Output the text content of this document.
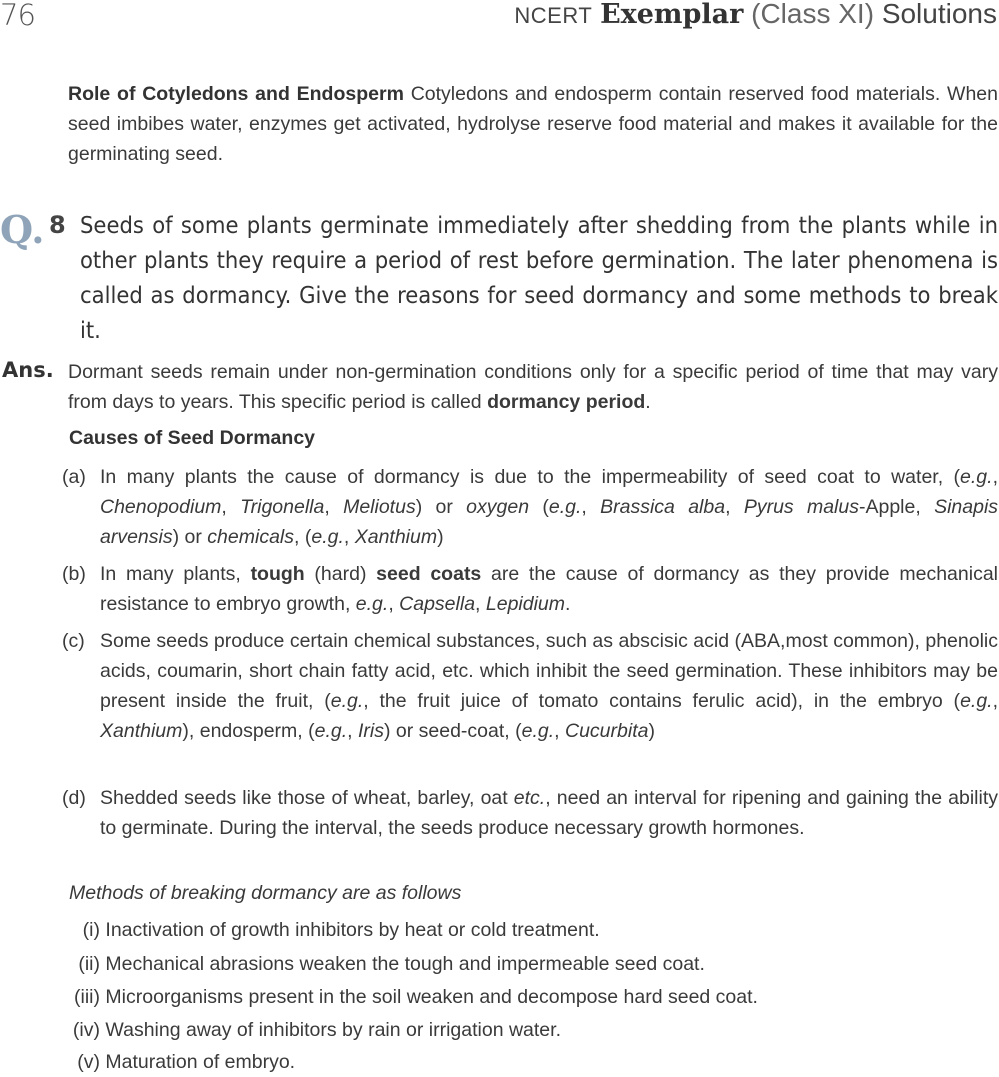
76	NCERT Exemplar (Class XI) Solutions

Role of Cotyledons and Endosperm Cotyledons and endosperm contain reserved food materials. When seed imbibes water, enzymes get activated, hydrolyse reserve food material and makes it available for the germinating seed.

Q. 8 Seeds of some plants germinate immediately after shedding from the plants while in other plants they require a period of rest before germination. The later phenomena is called as dormancy. Give the reasons for seed dormancy and some methods to break it.
Ans. Dormant seeds remain under non-germination conditions only for a specific period of time that may vary from days to years. This specific period is called dormancy period.

Causes of Seed Dormancy
(a) In many plants the cause of dormancy is due to the impermeability of seed coat to water, (e.g., Chenopodium, Trigonella, Meliotus) or oxygen (e.g., Brassica alba, Pyrus malus-Apple, Sinapis arvensis) or chemicals, (e.g., Xanthium)
(b) In many plants, tough (hard) seed coats are the cause of dormancy as they provide mechanical resistance to embryo growth, e.g., Capsella, Lepidium.
(c) Some seeds produce certain chemical substances, such as abscisic acid (ABA,most common), phenolic acids, coumarin, short chain fatty acid, etc. which inhibit the seed germination. These inhibitors may be present inside the fruit, (e.g., the fruit juice of tomato contains ferulic acid), in the embryo (e.g., Xanthium), endosperm, (e.g., Iris) or seed-coat, (e.g., Cucurbita)
(d) Shedded seeds like those of wheat, barley, oat etc., need an interval for ripening and gaining the ability to germinate. During the interval, the seeds produce necessary growth hormones.
Methods of breaking dormancy are as follows
(i) Inactivation of growth inhibitors by heat or cold treatment.
(ii) Mechanical abrasions weaken the tough and impermeable seed coat.
(iii) Microorganisms present in the soil weaken and decompose hard seed coat.
(iv) Washing away of inhibitors by rain or irrigation water.
(v) Maturation of embryo.
